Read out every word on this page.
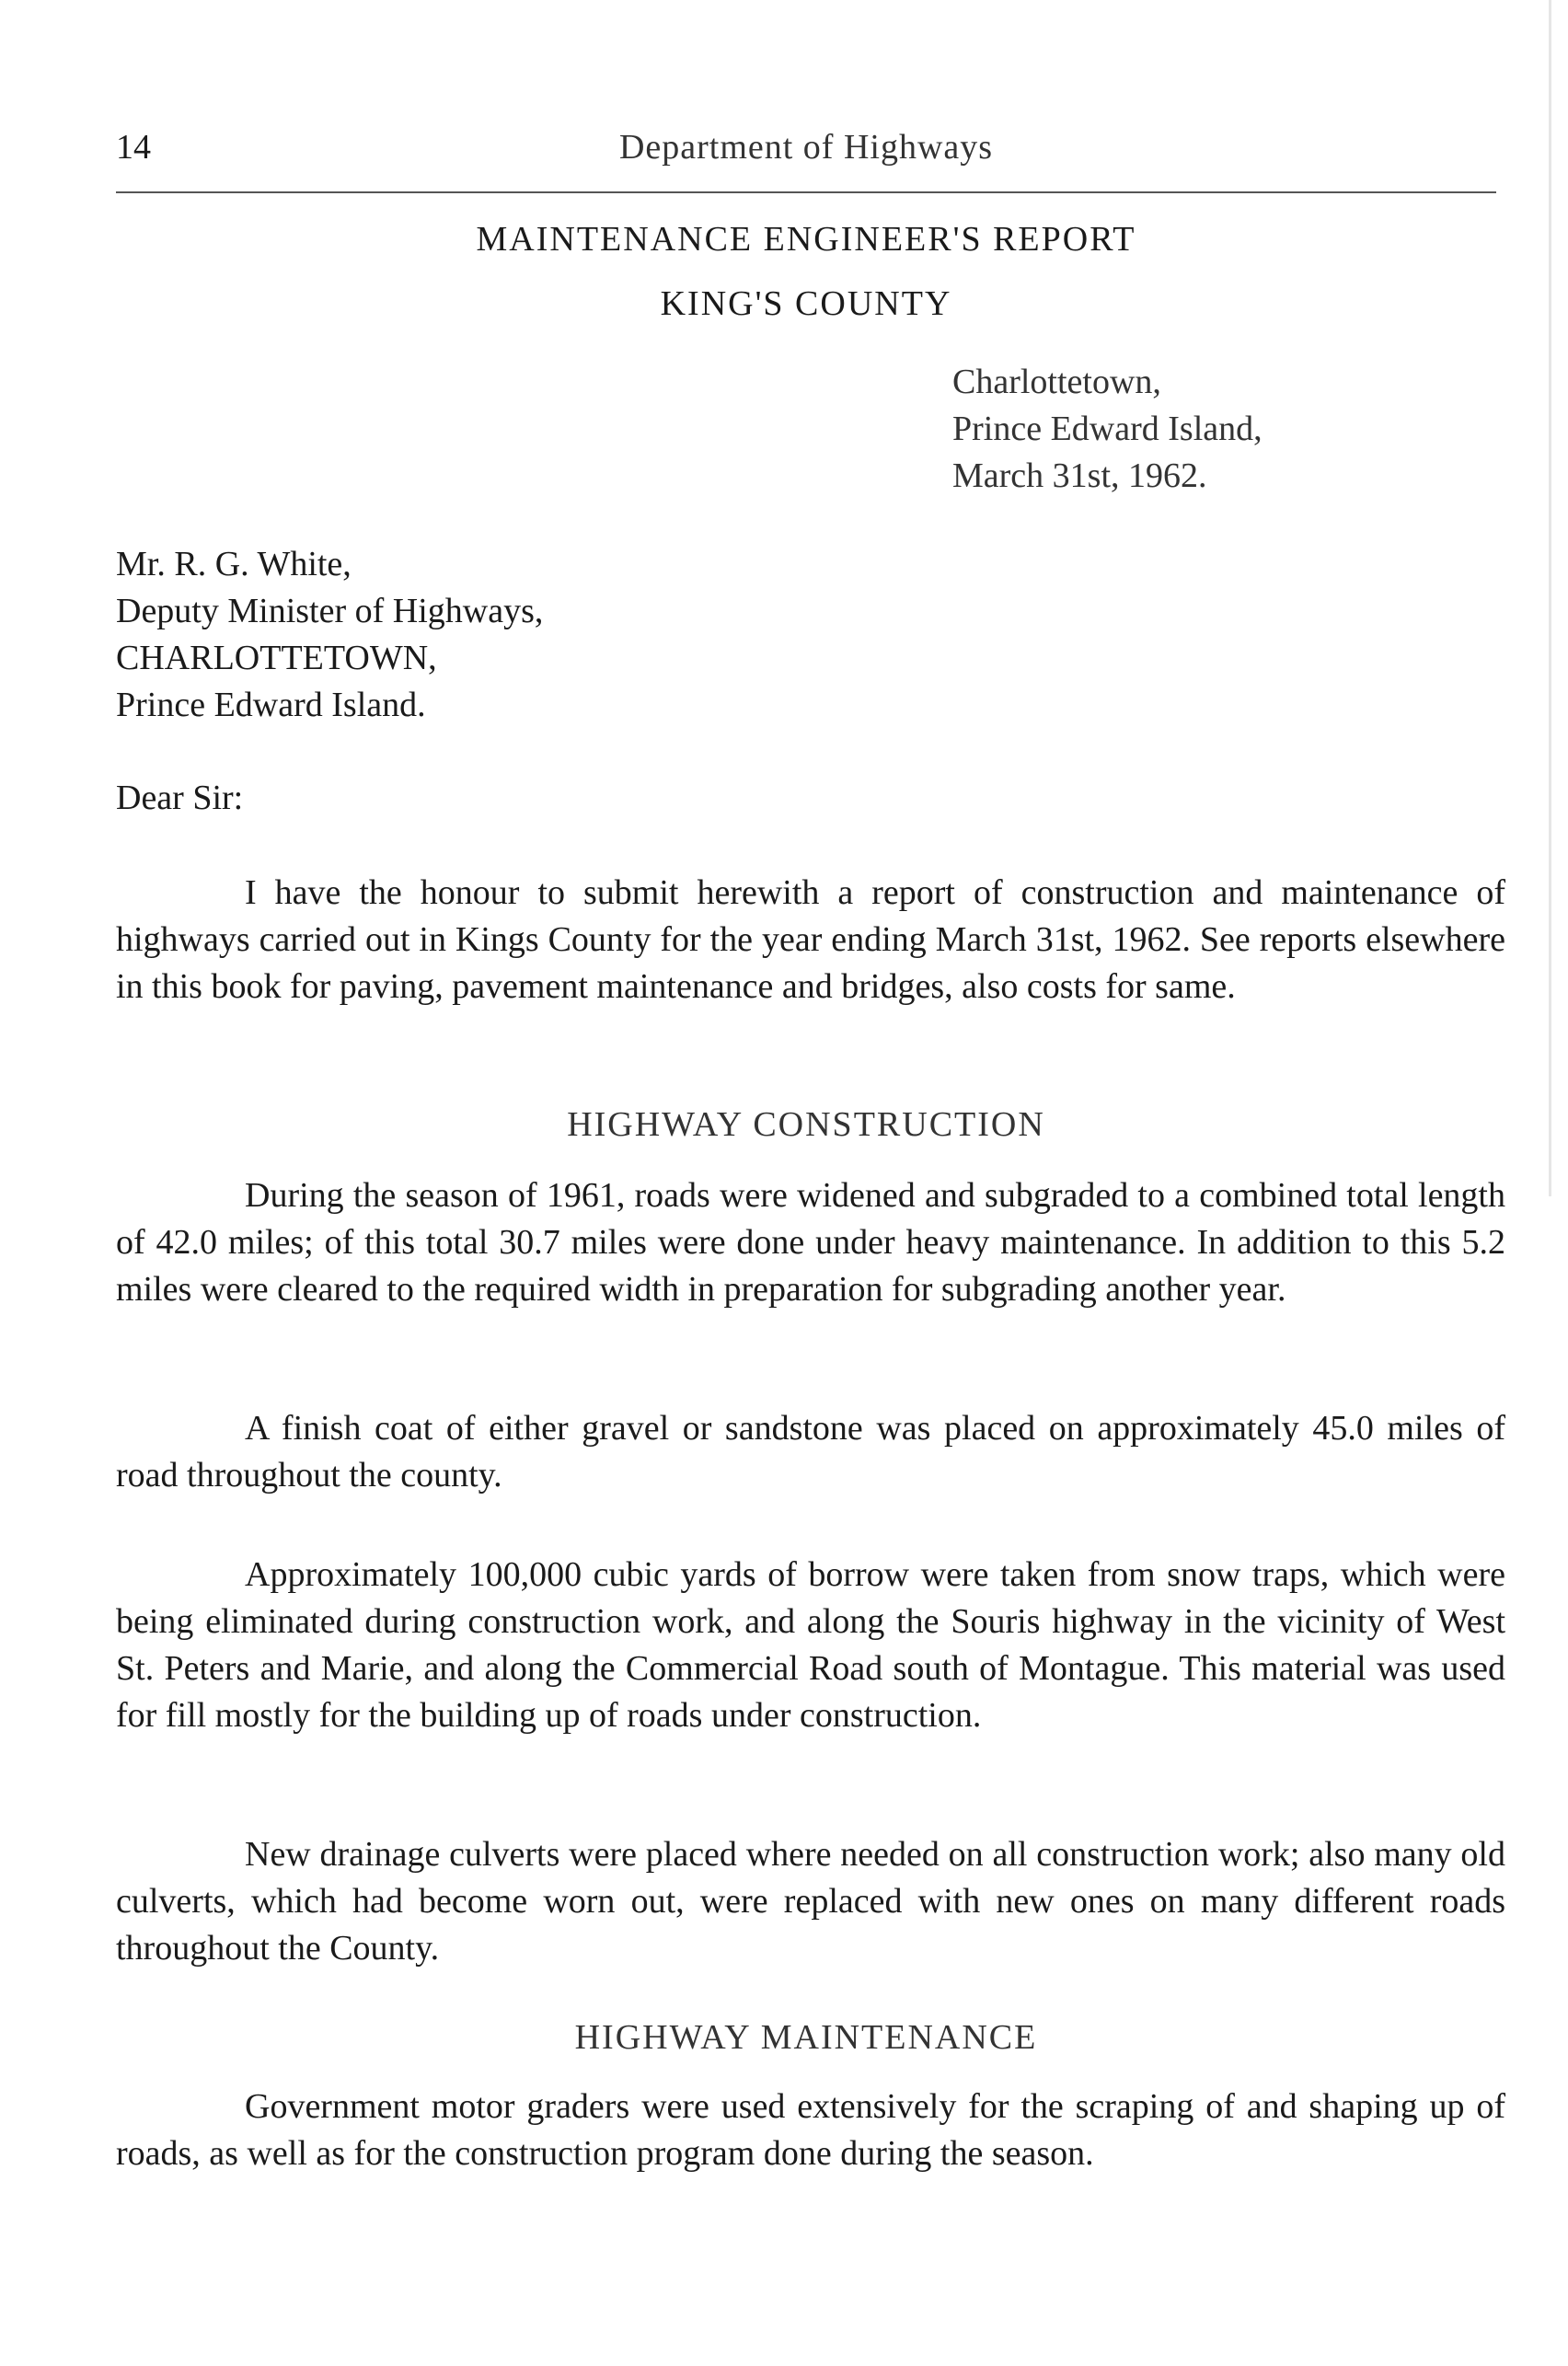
14	Department of Highways
MAINTENANCE ENGINEER'S REPORT
KING'S COUNTY
Charlottetown,
Prince Edward Island,
March 31st, 1962.
Mr. R. G. White,
Deputy Minister of Highways,
CHARLOTTETOWN,
Prince Edward Island.

Dear Sir:

I have the honour to submit herewith a report of construction and maintenance of highways carried out in Kings County for the year ending March 31st, 1962. See reports elsewhere in this book for paving, pavement maintenance and bridges, also costs for same.

HIGHWAY CONSTRUCTION

During the season of 1961, roads were widened and subgraded to a combined total length of 42.0 miles; of this total 30.7 miles were done under heavy maintenance. In addition to this 5.2 miles were cleared to the required width in preparation for subgrading another year.

A finish coat of either gravel or sandstone was placed on approximately 45.0 miles of road throughout the county.

Approximately 100,000 cubic yards of borrow were taken from snow traps, which were being eliminated during construction work, and along the Souris highway in the vicinity of West St. Peters and Marie, and along the Commercial Road south of Montague. This material was used for fill mostly for the building up of roads under construction.

New drainage culverts were placed where needed on all construction work; also many old culverts, which had become worn out, were replaced with new ones on many different roads throughout the County.

HIGHWAY MAINTENANCE

Government motor graders were used extensively for the scraping of and shaping up of roads, as well as for the construction program done during the season.
